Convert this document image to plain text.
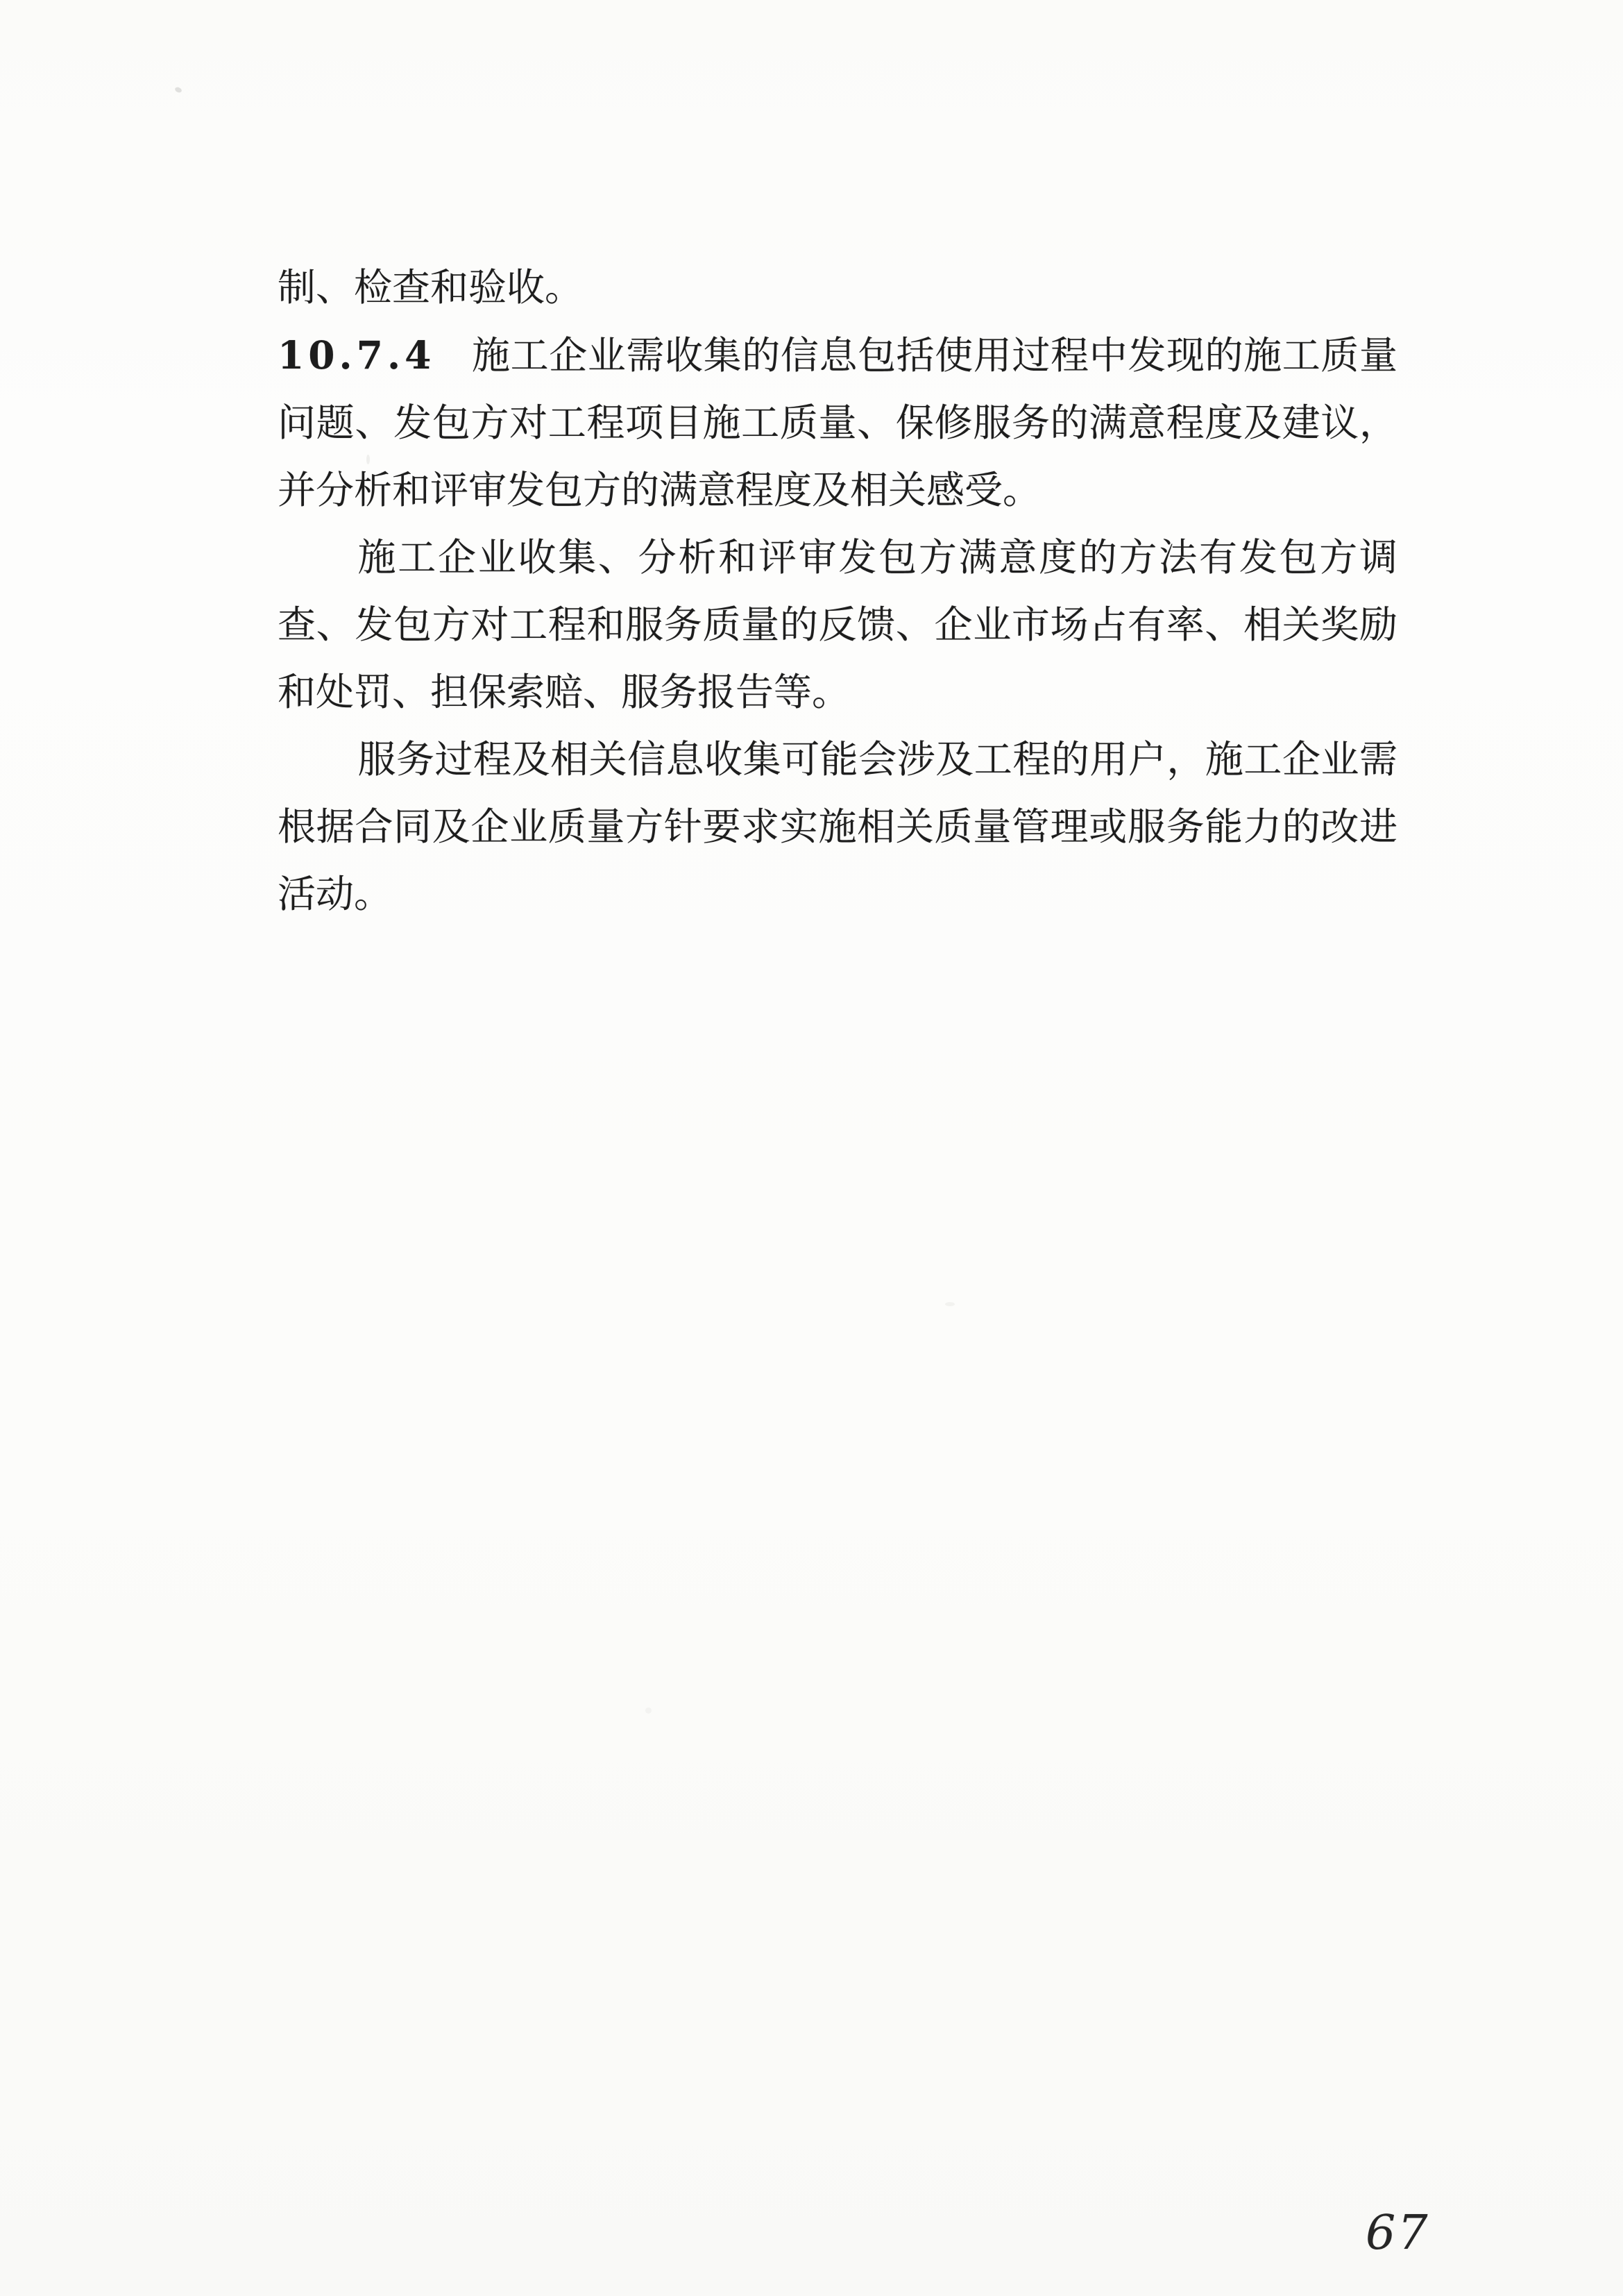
制、检查和验收。

10.7.4 施工企业需收集的信息包括使用过程中发现的施工质量问题、发包方对工程项目施工质量、保修服务的满意程度及建议，并分析和评审发包方的满意程度及相关感受。

施工企业收集、分析和评审发包方满意度的方法有发包方调查、发包方对工程和服务质量的反馈、企业市场占有率、相关奖励和处罚、担保索赔、服务报告等。

服务过程及相关信息收集可能会涉及工程的用户，施工企业需根据合同及企业质量方针要求实施相关质量管理或服务能力的改进活动。

67
